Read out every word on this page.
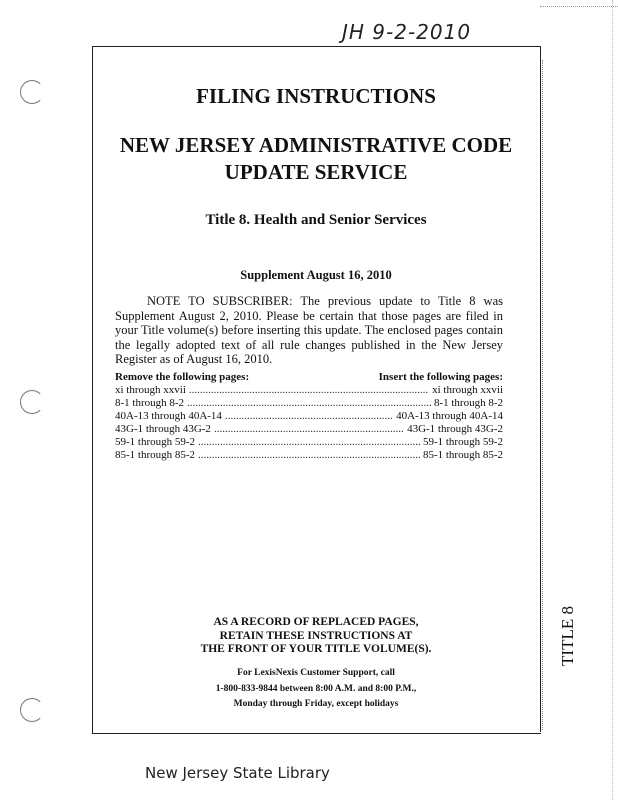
JH 9-2-2010
FILING INSTRUCTIONS
NEW JERSEY ADMINISTRATIVE CODE
UPDATE SERVICE
Title 8. Health and Senior Services
Supplement August 16, 2010
NOTE TO SUBSCRIBER: The previous update to Title 8 was Supplement August 2, 2010. Please be certain that those pages are filed in your Title volume(s) before inserting this update. The enclosed pages contain the legally adopted text of all rule changes published in the New Jersey Register as of August 16, 2010.
Remove the following pages:	Insert the following pages:
xi through xxvii .....	xi through xxvii
8-1 through 8-2 .....	8-1 through 8-2
40A-13 through 40A-14 .....	40A-13 through 40A-14
43G-1 through 43G-2 .....	43G-1 through 43G-2
59-1 through 59-2 .....	59-1 through 59-2
85-1 through 85-2 .....	85-1 through 85-2
AS A RECORD OF REPLACED PAGES,
RETAIN THESE INSTRUCTIONS AT
THE FRONT OF YOUR TITLE VOLUME(S).
For LexisNexis Customer Support, call
1-800-833-9844 between 8:00 A.M. and 8:00 P.M.,
Monday through Friday, except holidays
TITLE 8
New Jersey State Library
